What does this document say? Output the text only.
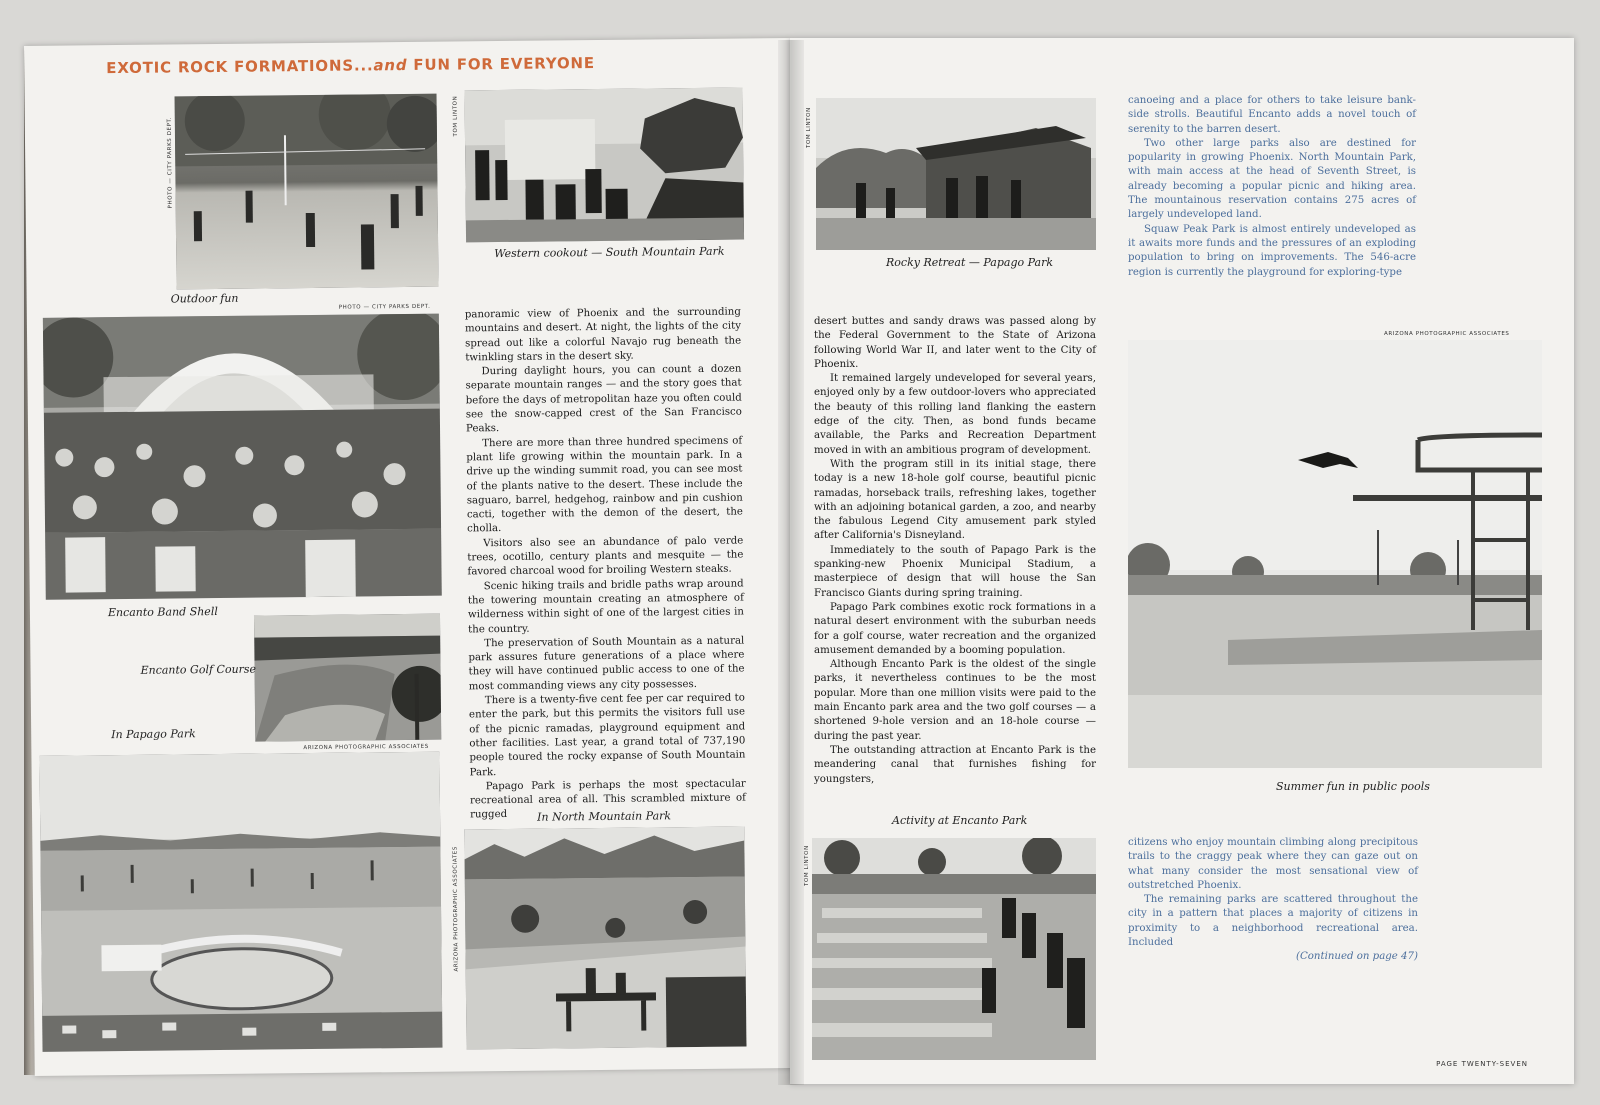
EXOTIC ROCK FORMATIONS...and FUN FOR EVERYONE
PHOTO — CITY PARKS DEPT.
Outdoor fun
PHOTO — CITY PARKS DEPT.
TOM LINTON
Western cookout — South Mountain Park
Encanto Band Shell
Encanto Golf Course
In Papago Park
ARIZONA PHOTOGRAPHIC ASSOCIATES

panoramic view of Phoenix and the surrounding mountains and desert. At night, the lights of the city spread out like a colorful Navajo rug beneath the twinkling stars in the desert sky.

During daylight hours, you can count a dozen separate mountain ranges — and the story goes that before the days of metropolitan haze you often could see the snow-capped crest of the San Francisco Peaks.

There are more than three hundred specimens of plant life growing within the mountain park. In a drive up the winding summit road, you can see most of the plants native to the desert. These include the saguaro, barrel, hedgehog, rainbow and pin cushion cacti, together with the demon of the desert, the cholla.

Visitors also see an abundance of palo verde trees, ocotillo, century plants and mesquite — the favored charcoal wood for broiling Western steaks.

Scenic hiking trails and bridle paths wrap around the towering mountain creating an atmosphere of wilderness within sight of one of the largest cities in the country.

The preservation of South Mountain as a natural park assures future generations of a place where they will have continued public access to one of the most commanding views any city possesses.

There is a twenty-five cent fee per car required to enter the park, but this permits the visitors full use of the picnic ramadas, playground equipment and other facilities. Last year, a grand total of 737,190 people toured the rocky expanse of South Mountain Park.

Papago Park is perhaps the most spectacular recreational area of all. This scrambled mixture of rugged	In North Mountain Park
ARIZONA PHOTOGRAPHIC ASSOCIATES
TOM LINTON
Rocky Retreat — Papago Park

desert buttes and sandy draws was passed along by the Federal Government to the State of Arizona following World War II, and later went to the City of Phoenix.

It remained largely undeveloped for several years, enjoyed only by a few outdoor-lovers who appreciated the beauty of this rolling land flanking the eastern edge of the city. Then, as bond funds became available, the Parks and Recreation Department moved in with an ambitious program of development.

With the program still in its initial stage, there today is a new 18-hole golf course, beautiful picnic ramadas, horseback trails, refreshing lakes, together with an adjoining botanical garden, a zoo, and nearby the fabulous Legend City amusement park styled after California's Disneyland.

Immediately to the south of Papago Park is the spanking-new Phoenix Municipal Stadium, a masterpiece of design that will house the San Francisco Giants during spring training.

Papago Park combines exotic rock formations in a natural desert environment with the suburban needs for a golf course, water recreation and the organized amusement demanded by a booming population.

Although Encanto Park is the oldest of the single parks, it nevertheless continues to be the most popular. More than one million visits were paid to the main Encanto park area and the two golf courses — a shortened 9-hole version and an 18-hole course — during the past year.

The outstanding attraction at Encanto Park is the meandering canal that furnishes fishing for youngsters,

canoeing and a place for others to take leisure bank-side strolls. Beautiful Encanto adds a novel touch of serenity to the barren desert.

Two other large parks also are destined for popularity in growing Phoenix. North Mountain Park, with main access at the head of Seventh Street, is already becoming a popular picnic and hiking area. The mountainous reservation contains 275 acres of largely undeveloped land.

Squaw Peak Park is almost entirely undeveloped as it awaits more funds and the pressures of an exploding population to bring on improvements. The 546-acre region is currently the playground for exploring-type

ARIZONA PHOTOGRAPHIC ASSOCIATES
Summer fun in public pools
Activity at Encanto Park
TOM LINTON

citizens who enjoy mountain climbing along precipitous trails to the craggy peak where they can gaze out on what many consider the most sensational view of outstretched Phoenix.

The remaining parks are scattered throughout the city in a pattern that places a majority of citizens in proximity to a neighborhood recreational area. Included

(Continued on page 47)
PAGE TWENTY-SEVEN
